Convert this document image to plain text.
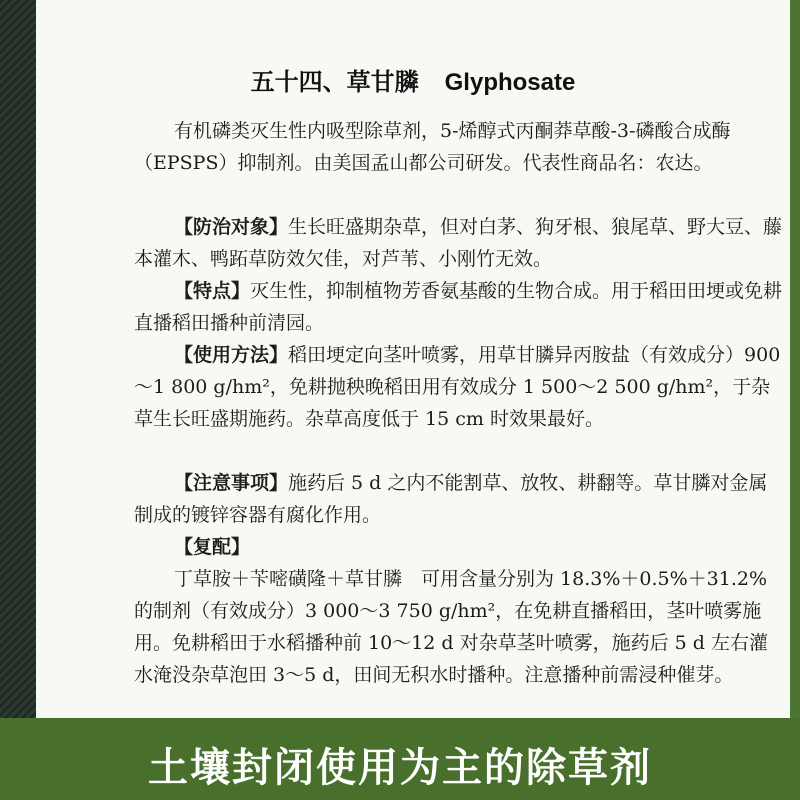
五十四、草甘膦 Glyphosate
有机磷类灭生性内吸型除草剂，5-烯醇式丙酮莽草酸-3-磷酸合成酶（EPSPS）抑制剂。由美国孟山都公司研发。代表性商品名：农达。
【防治对象】生长旺盛期杂草，但对白茅、狗牙根、狼尾草、野大豆、藤本灌木、鸭跖草防效欠佳，对芦苇、小刚竹无效。
【特点】灭生性，抑制植物芳香氨基酸的生物合成。用于稻田田埂或免耕直播稻田播种前清园。
【使用方法】稻田埂定向茎叶喷雾，用草甘膦异丙胺盐（有效成分）900～1 800 g/hm²，免耕抛秧晚稻田用有效成分 1 500～2 500 g/hm²，于杂草生长旺盛期施药。杂草高度低于 15 cm 时效果最好。
【注意事项】施药后 5 d 之内不能割草、放牧、耕翻等。草甘膦对金属制成的镀锌容器有腐化作用。
【复配】
丁草胺＋苄嘧磺隆＋草甘膦　可用含量分别为 18.3%＋0.5%＋31.2%的制剂（有效成分）3 000～3 750 g/hm²，在免耕直播稻田，茎叶喷雾施用。免耕稻田于水稻播种前 10～12 d 对杂草茎叶喷雾，施药后 5 d 左右灌水淹没杂草泡田 3～5 d，田间无积水时播种。注意播种前需浸种催芽。
土壤封闭使用为主的除草剂
